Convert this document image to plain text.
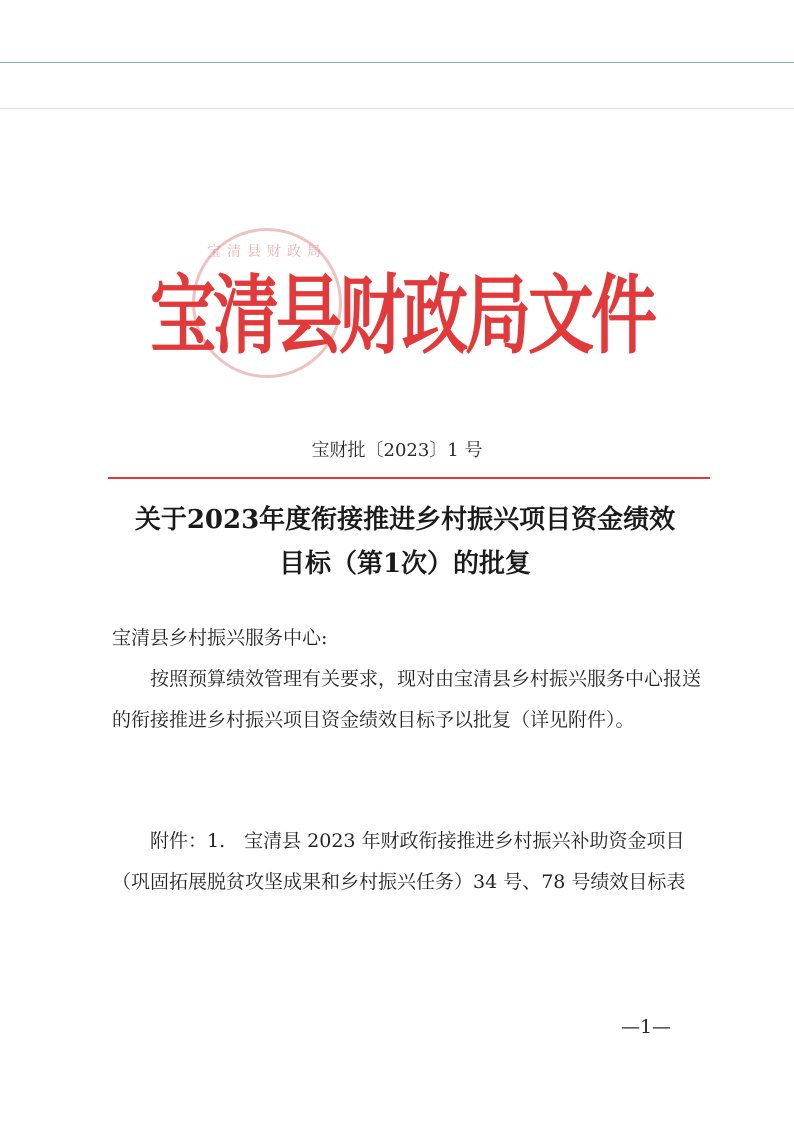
宝清县财政局
宝清县财政局文件
宝财批〔2023〕1 号
关于2023年度衔接推进乡村振兴项目资金绩效
目标（第1次）的批复
宝清县乡村振兴服务中心:
按照预算绩效管理有关要求，现对由宝清县乡村振兴服务中心报送的衔接推进乡村振兴项目资金绩效目标予以批复（详见附件）。
附件：1.　宝清县 2023 年财政衔接推进乡村振兴补助资金项目（巩固拓展脱贫攻坚成果和乡村振兴任务）34 号、78 号绩效目标表
—1—
